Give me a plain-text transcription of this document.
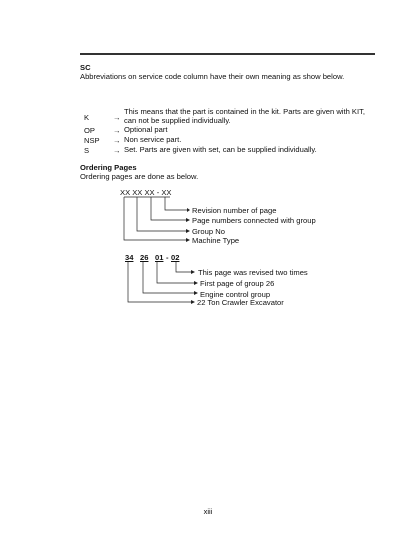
SC
Abbreviations on service code column have their own meaning as show below.
K	→
This means that the part is contained in the kit. Parts are given with KIT,
can not be supplied individually.
OP → Optional part
NSP → Non service part.
S	→ Set. Parts are given with set, can be supplied individually.
Ordering Pages
Ordering pages are done as below.
XX XX XX - XX
Revision number of page
Page numbers connected with group
Group No
Machine Type
34 26 01 - 02
This page was revised two times
First page of group 26
Engine control group
22 Ton Crawler Excavator
xiii
